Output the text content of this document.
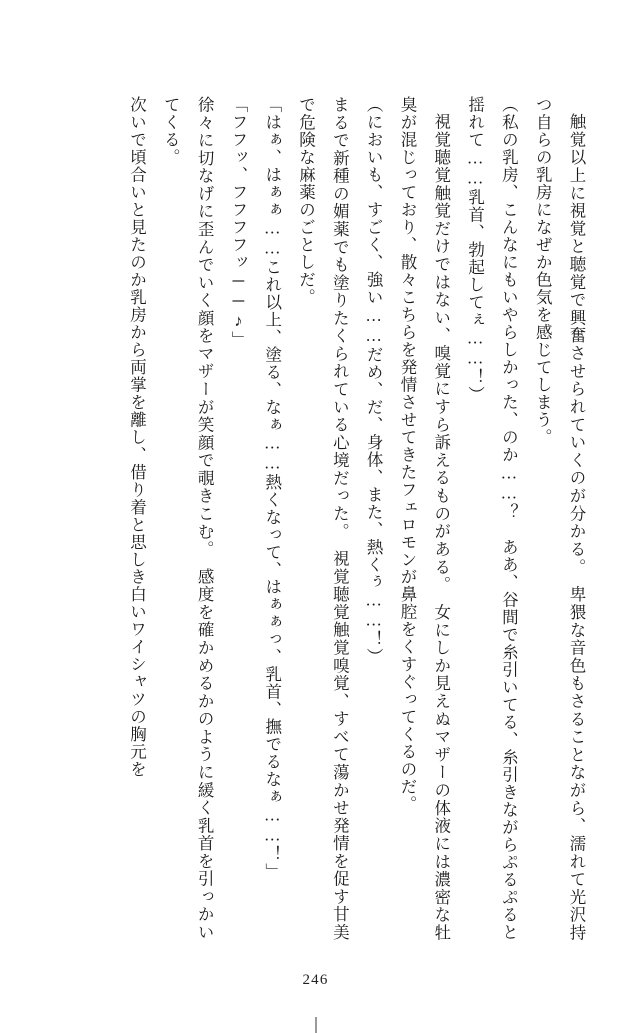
触覚以上に視覚と聴覚で興奮させられていくのが分かる。　卑猥な音色もさることながら、濡れて光沢持つ自らの乳房になぜか色気を感じてしまう。

（私の乳房、こんなにもいやらしかった、のか……？　ああ、谷間で糸引いてる、糸引きながらぷるぷると揺れて……乳首、勃起してぇ……！）

視覚聴覚触覚だけではない、嗅覚にすら訴えるものがある。　女にしか見えぬマザーの体液には濃密な牡臭が混じっており、散々こちらを発情させてきたフェロモンが鼻腔をくすぐってくるのだ。

（においも、すごく、強い……だめ、だ、身体、また、熱くぅ……！）

まるで新種の媚薬でも塗りたくられている心境だった。　視覚聴覚触覚嗅覚、すべて蕩かせ発情を促す甘美で危険な麻薬のごとしだ。

「はぁ、はぁぁ……これ以上、塗る、なぁ……熱くなって、はぁぁっ、乳首、撫でるなぁ……！」

「フフッ、フフフフッ──♪」

徐々に切なげに歪んでいく顔をマザーが笑顔で覗きこむ。　感度を確かめるかのように緩く乳首を引っかいてくる。

次いで頃合いと見たのか乳房から両掌を離し、借り着と思しき白いワイシャツの胸元を

246
